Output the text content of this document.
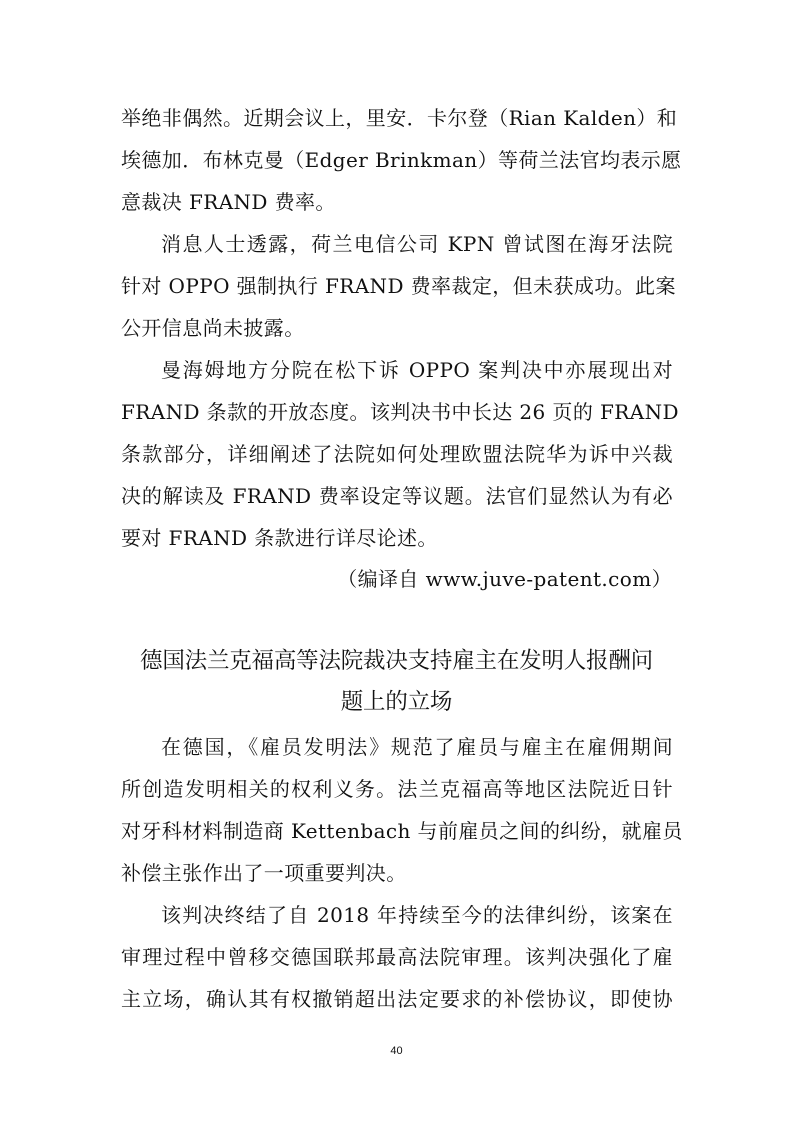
举绝非偶然。近期会议上，里安．卡尔登（Rian Kalden）和
埃德加．布林克曼（Edger Brinkman）等荷兰法官均表示愿
意裁决 FRAND 费率。
消息人士透露，荷兰电信公司 KPN 曾试图在海牙法院
针对 OPPO 强制执行 FRAND 费率裁定，但未获成功。此案
公开信息尚未披露。
曼海姆地方分院在松下诉 OPPO 案判决中亦展现出对
FRAND 条款的开放态度。该判决书中长达 26 页的 FRAND
条款部分，详细阐述了法院如何处理欧盟法院华为诉中兴裁
决的解读及 FRAND 费率设定等议题。法官们显然认为有必
要对 FRAND 条款进行详尽论述。
（编译自 www.juve-patent.com）
德国法兰克福高等法院裁决支持雇主在发明人报酬问
题上的立场
在德国，《雇员发明法》规范了雇员与雇主在雇佣期间
所创造发明相关的权利义务。法兰克福高等地区法院近日针
对牙科材料制造商 Kettenbach 与前雇员之间的纠纷，就雇员
补偿主张作出了一项重要判决。
该判决终结了自 2018 年持续至今的法律纠纷，该案在
审理过程中曾移交德国联邦最高法院审理。该判决强化了雇
主立场，确认其有权撤销超出法定要求的补偿协议，即使协
40
